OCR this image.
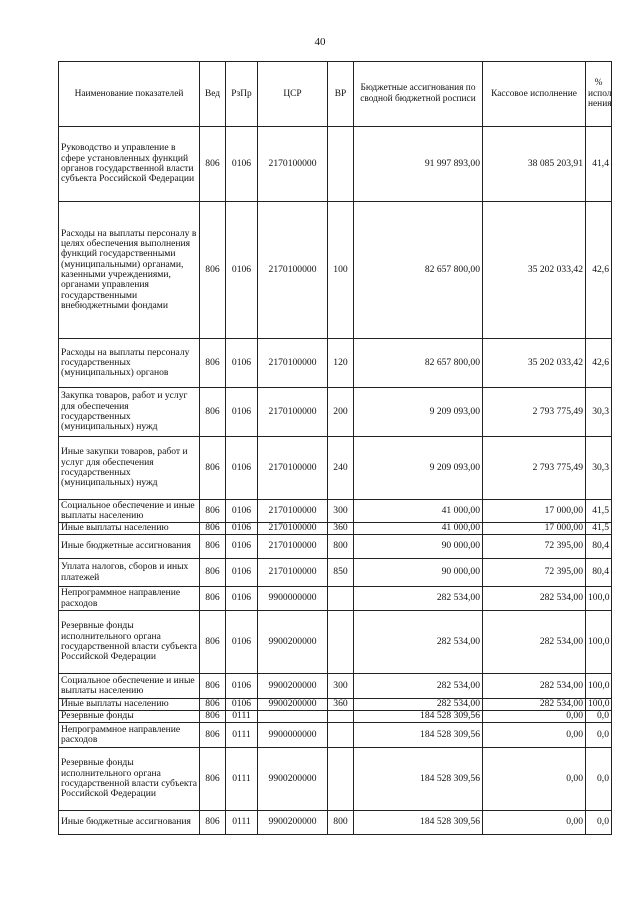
40
Наименование показателей	Вед	РзПр	ЦСР	ВР	Бюджетные ассигнования по сводной бюджетной росписи	Кассовое исполнение	% испол нения
Руководство и управление в сфере установленных функций органов государственной власти субъекта Российской Федерации	806	0106	2170100000		91 997 893,00	38 085 203,91	41,4
Расходы на выплаты персоналу в целях обеспечения выполнения функций государственными (муниципальными) органами, казенными учреждениями, органами управления государственными внебюджетными фондами	806	0106	2170100000	100	82 657 800,00	35 202 033,42	42,6
Расходы на выплаты персоналу государственных (муниципальных) органов	806	0106	2170100000	120	82 657 800,00	35 202 033,42	42,6
Закупка товаров, работ и услуг для обеспечения государственных (муниципальных) нужд	806	0106	2170100000	200	9 209 093,00	2 793 775,49	30,3
Иные закупки товаров, работ и услуг для обеспечения государственных (муниципальных) нужд	806	0106	2170100000	240	9 209 093,00	2 793 775,49	30,3
Социальное обеспечение и иные выплаты населению	806	0106	2170100000	300	41 000,00	17 000,00	41,5
Иные выплаты населению	806	0106	2170100000	360	41 000,00	17 000,00	41,5
Иные бюджетные ассигнования	806	0106	2170100000	800	90 000,00	72 395,00	80,4
Уплата налогов, сборов и иных платежей	806	0106	2170100000	850	90 000,00	72 395,00	80,4
Непрограммное направление расходов	806	0106	9900000000		282 534,00	282 534,00	100,0
Резервные фонды исполнительного органа государственной власти субъекта Российской Федерации	806	0106	9900200000		282 534,00	282 534,00	100,0
Социальное обеспечение и иные выплаты населению	806	0106	9900200000	300	282 534,00	282 534,00	100,0
Иные выплаты населению	806	0106	9900200000	360	282 534,00	282 534,00	100,0
Резервные фонды	806	0111			184 528 309,56	0,00	0,0
Непрограммное направление расходов	806	0111	9900000000		184 528 309,56	0,00	0,0
Резервные фонды исполнительного органа государственной власти субъекта Российской Федерации	806	0111	9900200000		184 528 309,56	0,00	0,0
Иные бюджетные ассигнования	806	0111	9900200000	800	184 528 309,56	0,00	0,0
